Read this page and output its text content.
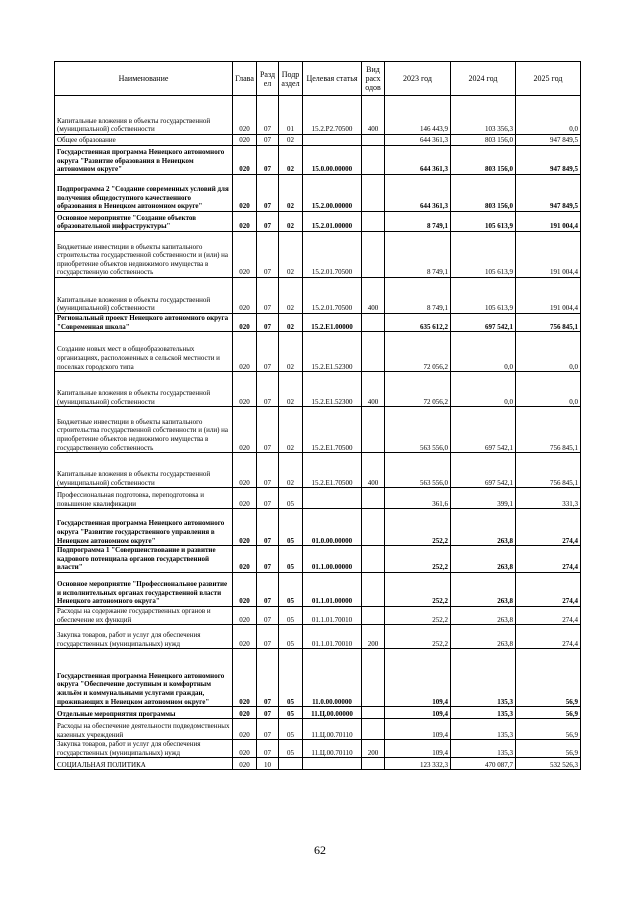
Наименование	Глава	Разд ел	Подр аздел	Целевая статья	Вид расх одов	2023 год	2024 год	2025 год
Капитальные вложения в объекты государственной (муниципальной) собственности	020	07	01	15.2.Р2.70500	400	146 443,9	103 356,3	0,0
Общее образование	020	07	02			644 361,3	803 156,0	947 849,5
Государственная программа Ненецкого автономного округа "Развитие образования в Ненецком автономном округе"	020	07	02	15.0.00.00000		644 361,3	803 156,0	947 849,5
Подпрограмма 2 "Создание современных условий для получения общедоступного качественного образования в Ненецком автономном округе"	020	07	02	15.2.00.00000		644 361,3	803 156,0	947 849,5
Основное мероприятие "Создание объектов образовательной инфраструктуры"	020	07	02	15.2.01.00000		8 749,1	105 613,9	191 004,4
Бюджетные инвестиции в объекты капитального строительства государственной собственности и (или) на приобретение объектов недвижимого имущества в государственную собственность	020	07	02	15.2.01.70500		8 749,1	105 613,9	191 004,4
Капитальные вложения в объекты государственной (муниципальной) собственности	020	07	02	15.2.01.70500	400	8 749,1	105 613,9	191 004,4
Региональный проект Ненецкого автономного округа "Современная школа"	020	07	02	15.2.Е1.00000		635 612,2	697 542,1	756 845,1
Создание новых мест в общеобразовательных организациях, расположенных в сельской местности и поселках городского типа	020	07	02	15.2.Е1.52300		72 056,2	0,0	0,0
Капитальные вложения в объекты государственной (муниципальной) собственности	020	07	02	15.2.Е1.52300	400	72 056,2	0,0	0,0
Бюджетные инвестиции в объекты капитального строительства государственной собственности и (или) на приобретение объектов недвижимого имущества в государственную собственность	020	07	02	15.2.Е1.70500		563 556,0	697 542,1	756 845,1
Капитальные вложения в объекты государственной (муниципальной) собственности	020	07	02	15.2.Е1.70500	400	563 556,0	697 542,1	756 845,1
Профессиональная подготовка, переподготовка и повышение квалификации	020	07	05			361,6	399,1	331,3
Государственная программа Ненецкого автономного округа "Развитие государственного управления в Ненецком автономном округе"	020	07	05	01.0.00.00000		252,2	263,8	274,4
Подпрограмма 1 "Совершенствование и развитие кадрового потенциала органов государственной власти"	020	07	05	01.1.00.00000		252,2	263,8	274,4
Основное мероприятие "Профессиональное развитие и исполнительных органах государственной власти Ненецкого автономного округа"	020	07	05	01.1.01.00000		252,2	263,8	274,4
Расходы на содержание государственных органов и обеспечение их функций	020	07	05	01.1.01.70010		252,2	263,8	274,4
Закупка товаров, работ и услуг для обеспечения государственных (муниципальных) нужд	020	07	05	01.1.01.70010	200	252,2	263,8	274,4
Государственная программа Ненецкого автономного округа "Обеспечение доступным и комфортным жильём и коммунальными услугами граждан, проживающих в Ненецком автономном округе"	020	07	05	11.0.00.00000		109,4	135,3	56,9
Отдельные мероприятия программы	020	07	05	11.Ц.00.00000		109,4	135,3	56,9
Расходы на обеспечение деятельности подведомственных казенных учреждений	020	07	05	11.Ц.00.70110		109,4	135,3	56,9
Закупка товаров, работ и услуг для обеспечения государственных (муниципальных) нужд	020	07	05	11.Ц.00.70110	200	109,4	135,3	56,9
СОЦИАЛЬНАЯ ПОЛИТИКА	020	10				123 332,3	470 087,7	532 526,3
62
